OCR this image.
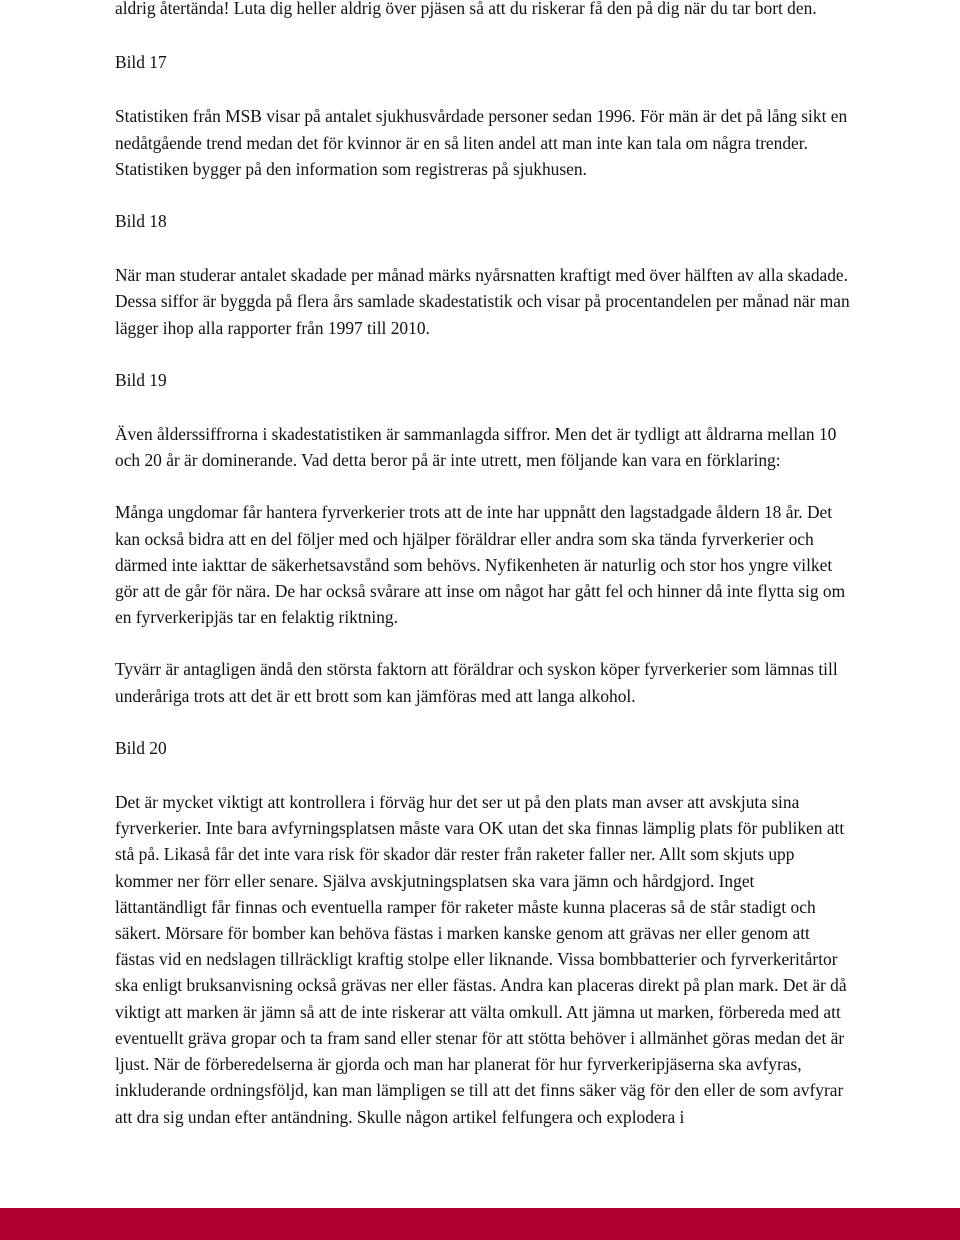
aldrig återtända! Luta dig heller aldrig över pjäsen så att du riskerar få den på dig när du tar bort den.

Bild 17

Statistiken från MSB visar på antalet sjukhusvårdade personer sedan 1996. För män är det på lång sikt en nedåtgående trend medan det för kvinnor är en så liten andel att man inte kan tala om några trender. Statistiken bygger på den information som registreras på sjukhusen.

Bild 18

När man studerar antalet skadade per månad märks nyårsnatten kraftigt med över hälften av alla skadade. Dessa siffor är byggda på flera års samlade skadestatistik och visar på procentandelen per månad när man lägger ihop alla rapporter från 1997 till 2010.

Bild 19

Även ålderssiffrorna i skadestatistiken är sammanlagda siffror. Men det är tydligt att åldrarna mellan 10 och 20 år är dominerande. Vad detta beror på är inte utrett, men följande kan vara en förklaring:

Många ungdomar får hantera fyrverkerier trots att de inte har uppnått den lagstadgade åldern 18 år. Det kan också bidra att en del följer med och hjälper föräldrar eller andra som ska tända fyrverkerier och därmed inte iakttar de säkerhetsavstånd som behövs. Nyfikenheten är naturlig och stor hos yngre vilket gör att de går för nära. De har också svårare att inse om något har gått fel och hinner då inte flytta sig om en fyrverkeripjäs tar en felaktig riktning.

Tyvärr är antagligen ändå den största faktorn att föräldrar och syskon köper fyrverkerier som lämnas till underåriga trots att det är ett brott som kan jämföras med att langa alkohol.

Bild 20

Det är mycket viktigt att kontrollera i förväg hur det ser ut på den plats man avser att avskjuta sina fyrverkerier. Inte bara avfyrningsplatsen måste vara OK utan det ska finnas lämplig plats för publiken att stå på. Likaså får det inte vara risk för skador där rester från raketer faller ner. Allt som skjuts upp kommer ner förr eller senare. Själva avskjutningsplatsen ska vara jämn och hårdgjord. Inget lättantändligt får finnas och eventuella ramper för raketer måste kunna placeras så de står stadigt och säkert. Mörsare för bomber kan behöva fästas i marken kanske genom att grävas ner eller genom att fästas vid en nedslagen tillräckligt kraftig stolpe eller liknande. Vissa bombbatterier och fyrverkeritårtor ska enligt bruksanvisning också grävas ner eller fästas. Andra kan placeras direkt på plan mark. Det är då viktigt att marken är jämn så att de inte riskerar att välta omkull. Att jämna ut marken, förbereda med att eventuellt gräva gropar och ta fram sand eller stenar för att stötta behöver i allmänhet göras medan det är ljust. När de förberedelserna är gjorda och man har planerat för hur fyrverkeripjäserna ska avfyras, inkluderande ordningsföljd, kan man lämpligen se till att det finns säker väg för den eller de som avfyrar att dra sig undan efter antändning. Skulle någon artikel felfungera och explodera i
